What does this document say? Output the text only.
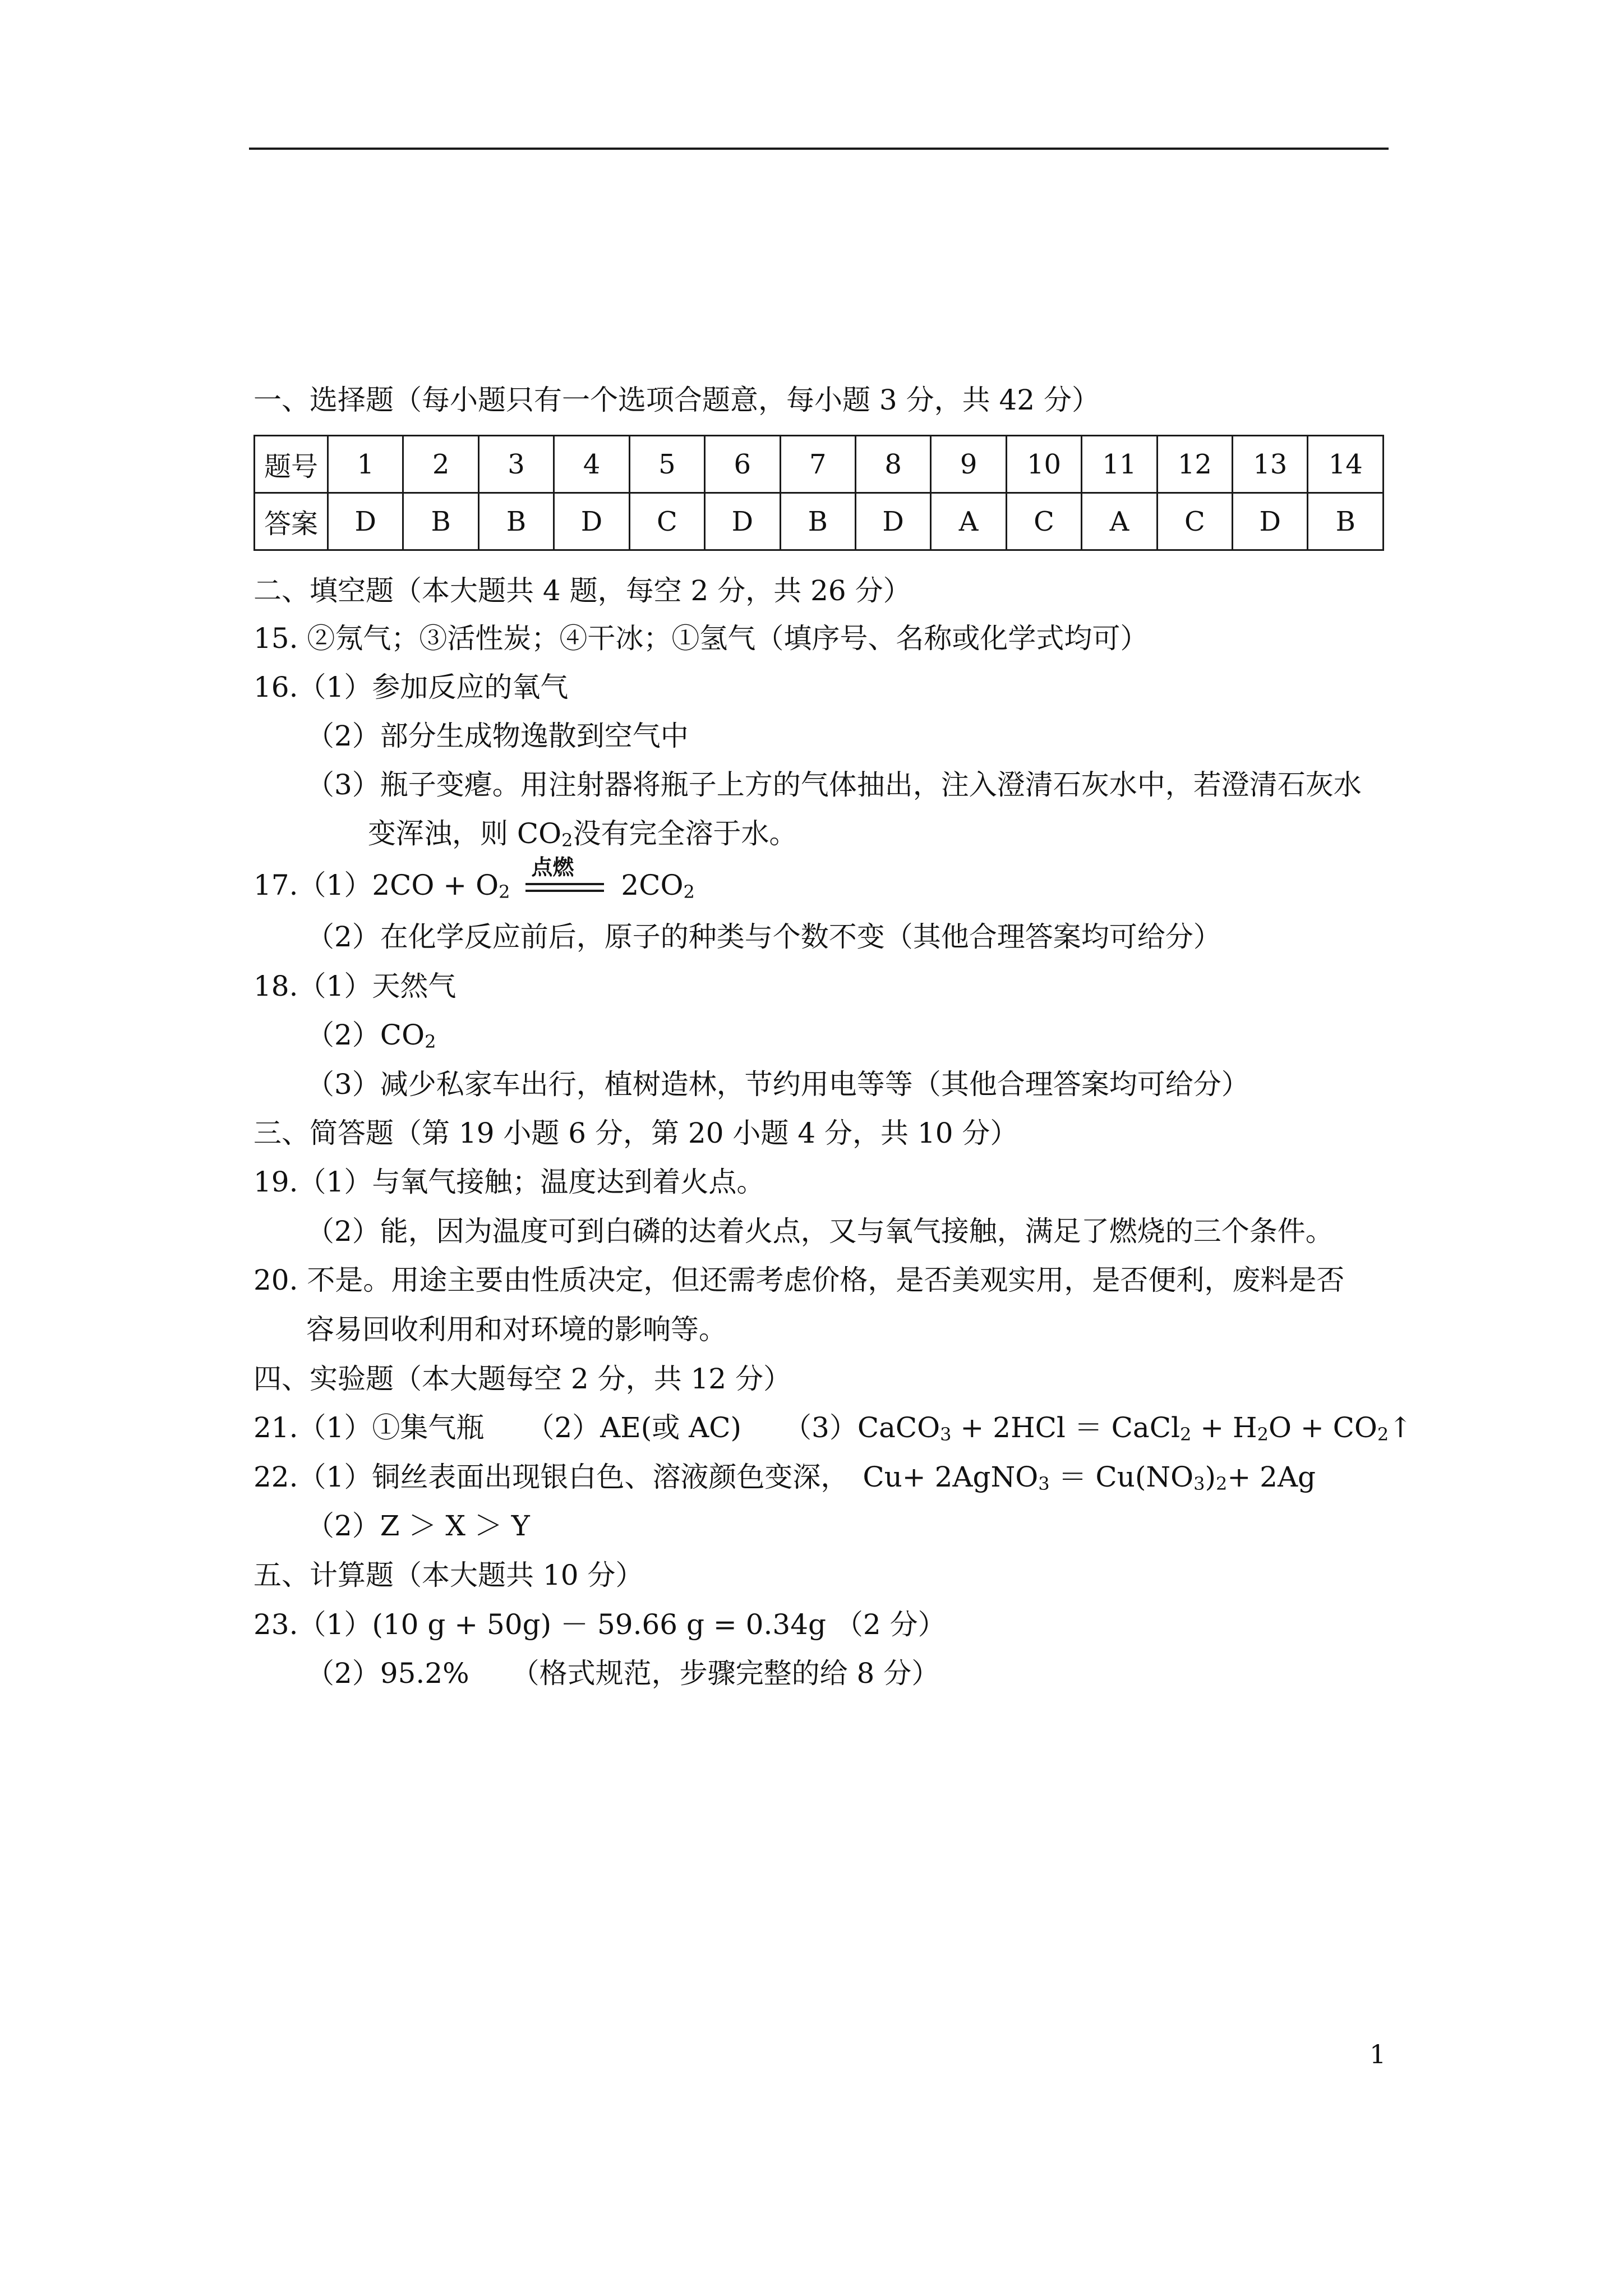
一、选择题（每小题只有一个选项合题意，每小题 3 分，共 42 分）
题号	1	2	3	4	5	6	7	8	9	10	11	12	13	14
答案	D	B	B	D	C	D	B	D	A	C	A	C	D	B
二、填空题（本大题共 4 题，每空 2 分，共 26 分）
15. ②氖气；③活性炭；④干冰；①氢气（填序号、名称或化学式均可）
16.（1）参加反应的氧气
（2）部分生成物逸散到空气中
（3）瓶子变瘪。用注射器将瓶子上方的气体抽出，注入澄清石灰水中，若澄清石灰水
变浑浊，则 $CO_2$没有完全溶于水。
$17.(1)2CO + O_2$
点燃
$2CO_2$
（2）在化学反应前后，原子的种类与个数不变（其他合理答案均可给分）
18.（1）天然气
$(2)CO_2$
（3）减少私家车出行，植树造林，节约用电等等（其他合理答案均可给分）
三、简答题（第 19 小题 6 分，第 20 小题 4 分，共 10 分）
19.（1）与氧气接触；温度达到着火点。
（2）能，因为温度可到白磷的达着火点，又与氧气接触，满足了燃烧的三个条件。
20. 不是。用途主要由性质决定，但还需考虑价格，是否美观实用，是否便利，废料是否
容易回收利用和对环境的影响等。
四、实验题（本大题每空 2 分，共 12 分）
21.（1）①集气瓶　　（2）AE(或 AC)　　（3）CaCO$_3$ + 2HCl ＝ CaCl$_2$ + $H_2O$ + $CO_2↑$
22.（1）铜丝表面出现银白色、溶液颜色变深，　Cu+ 2AgNO$_3$ ＝ $Cu(NO_3)_2+ 2Ag$
（2）Z ＞ X ＞ Y
五、计算题（本大题共 10 分）
23.（1）(10 g + 50g) － 59.66 g = 0.34g （2 分）
（2）95.2%　　（格式规范，步骤完整的给 8 分）
1
